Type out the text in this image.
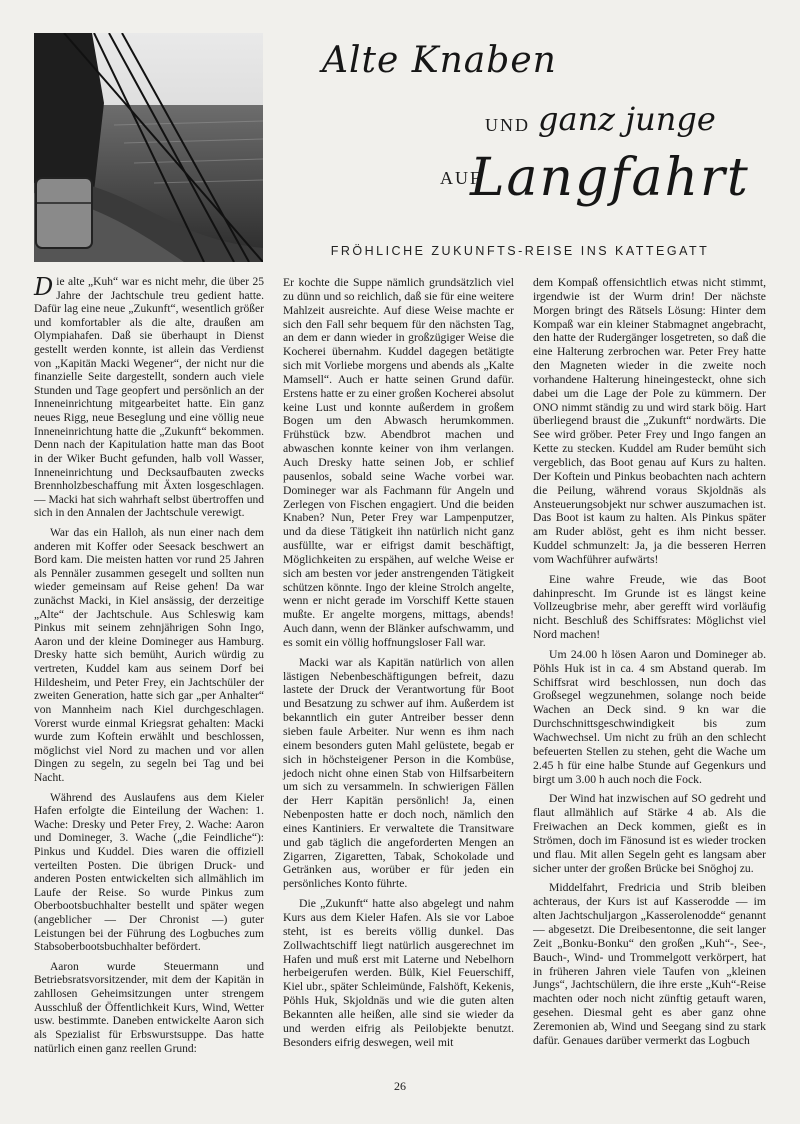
Alte Knaben
UND ganz junge
AUF
Langfahrt
FRÖHLICHE ZUKUNFTS-REISE INS KATTEGATT

Die alte „Kuh“ war es nicht mehr, die über 25 Jahre der Jachtschule treu gedient hatte. Dafür lag eine neue „Zukunft“, wesentlich größer und komfortabler als die alte, draußen am Olympiahafen. Daß sie überhaupt in Dienst gestellt werden konnte, ist allein das Verdienst von „Kapitän Macki Wegener“, der nicht nur die finanzielle Seite dargestellt, sondern auch viele Stunden und Tage geopfert und persönlich an der Inneneinrichtung mitgearbeitet hatte. Ein ganz neues Rigg, neue Beseglung und eine völlig neue Inneneinrichtung hatte die „Zukunft“ bekommen. Denn nach der Kapitulation hatte man das Boot in der Wiker Bucht gefunden, halb voll Wasser, Inneneinrichtung und Decksaufbauten zwecks Brennholzbeschaffung mit Äxten losgeschlagen. — Macki hat sich wahrhaft selbst übertroffen und sich in den Annalen der Jachtschule verewigt.

War das ein Halloh, als nun einer nach dem anderen mit Koffer oder Seesack beschwert an Bord kam. Die meisten hatten vor rund 25 Jahren als Pennäler zusammen gesegelt und sollten nun wieder gemeinsam auf Reise gehen! Da war zunächst Macki, in Kiel ansässig, der derzeitige „Alte“ der Jachtschule. Aus Schleswig kam Pinkus mit seinem zehnjährigen Sohn Ingo, Aaron und der kleine Domineger aus Hamburg. Dresky hatte sich bemüht, Aurich würdig zu vertreten, Kuddel kam aus seinem Dorf bei Hildesheim, und Peter Frey, ein Jachtschüler der zweiten Generation, hatte sich gar „per Anhalter“ von Mannheim nach Kiel durchgeschlagen. Vorerst wurde einmal Kriegsrat gehalten: Macki wurde zum Koftein erwählt und beschlossen, möglichst viel Nord zu machen und vor allen Dingen zu segeln, zu segeln bei Tag und bei Nacht.

Während des Auslaufens aus dem Kieler Hafen erfolgte die Einteilung der Wachen: 1. Wache: Dresky und Peter Frey, 2. Wache: Aaron und Domineger, 3. Wache („die Feindliche“): Pinkus und Kuddel. Dies waren die offiziell verteilten Posten. Die übrigen Druck- und anderen Posten entwickelten sich allmählich im Laufe der Reise. So wurde Pinkus zum Oberbootsbuchhalter bestellt und später wegen (angeblicher — Der Chronist —) guter Leistungen bei der Führung des Logbuches zum Stabsoberbootsbuchhalter befördert.

Aaron wurde Steuermann und Betriebsratsvorsitzender, mit dem der Kapitän in zahllosen Geheimsitzungen unter strengem Ausschluß der Öffentlichkeit Kurs, Wind, Wetter usw. bestimmte. Daneben entwickelte Aaron sich als Spezialist für Erbswurstsuppe. Das hatte natürlich einen ganz reellen Grund:

Er kochte die Suppe nämlich grundsätzlich viel zu dünn und so reichlich, daß sie für eine weitere Mahlzeit ausreichte. Auf diese Weise machte er sich den Fall sehr bequem für den nächsten Tag, an dem er dann wieder in großzügiger Weise die Kocherei übernahm. Kuddel dagegen betätigte sich mit Vorliebe morgens und abends als „Kalte Mamsell“. Auch er hatte seinen Grund dafür. Erstens hatte er zu einer großen Kocherei absolut keine Lust und konnte außerdem in großem Bogen um den Abwasch herumkommen. Frühstück bzw. Abendbrot machen und abwaschen konnte keiner von ihm verlangen. Auch Dresky hatte seinen Job, er schlief pausenlos, sobald seine Wache vorbei war. Domineger war als Fachmann für Angeln und Zerlegen von Fischen engagiert. Und die beiden Knaben? Nun, Peter Frey war Lampenputzer, und da diese Tätigkeit ihn natürlich nicht ganz ausfüllte, war er eifrigst damit beschäftigt, Möglichkeiten zu erspähen, auf welche Weise er sich am besten vor jeder anstrengenden Tätigkeit schützen könnte. Ingo der kleine Strolch angelte, wenn er nicht gerade im Vorschiff Kette stauen mußte. Er angelte morgens, mittags, abends! Auch dann, wenn der Blänker aufschwamm, und es somit ein völlig hoffnungsloser Fall war.

Macki war als Kapitän natürlich von allen lästigen Nebenbeschäftigungen befreit, dazu lastete der Druck der Verantwortung für Boot und Besatzung zu schwer auf ihm. Außerdem ist bekanntlich ein guter Antreiber besser denn sieben faule Arbeiter. Nur wenn es ihm nach einem besonders guten Mahl gelüstete, begab er sich in höchsteigener Person in die Kombüse, jedoch nicht ohne einen Stab von Hilfsarbeitern um sich zu versammeln. In schwierigen Fällen der Herr Kapitän persönlich! Ja, einen Nebenposten hatte er doch noch, nämlich den eines Kantiniers. Er verwaltete die Transitware und gab täglich die angeforderten Mengen an Zigarren, Zigaretten, Tabak, Schokolade und Getränken aus, worüber er für jeden ein persönliches Konto führte.

Die „Zukunft“ hatte also abgelegt und nahm Kurs aus dem Kieler Hafen. Als sie vor Laboe steht, ist es bereits völlig dunkel. Das Zollwachtschiff liegt natürlich ausgerechnet im Hafen und muß erst mit Laterne und Nebelhorn herbeigerufen werden. Bülk, Kiel Feuerschiff, Kiel ubr., später Schleimünde, Falshöft, Kekenis, Pöhls Huk, Skjoldnäs und wie die guten alten Bekannten alle heißen, alle sind sie wieder da und werden eifrig als Peilobjekte benutzt. Besonders eifrig deswegen, weil mit

dem Kompaß offensichtlich etwas nicht stimmt, irgendwie ist der Wurm drin! Der nächste Morgen bringt des Rätsels Lösung: Hinter dem Kompaß war ein kleiner Stabmagnet angebracht, den hatte der Rudergänger losgetreten, so daß die eine Halterung zerbrochen war. Peter Frey hatte den Magneten wieder in die zweite noch vorhandene Halterung hineingesteckt, ohne sich dabei um die Lage der Pole zu kümmern. Der ONO nimmt ständig zu und wird stark böig. Hart überliegend braust die „Zukunft“ nordwärts. Die See wird gröber. Peter Frey und Ingo fangen an Kette zu stecken. Kuddel am Ruder bemüht sich vergeblich, das Boot genau auf Kurs zu halten. Der Koftein und Pinkus beobachten nach achtern die Peilung, während voraus Skjoldnäs als Ansteuerungsobjekt nur schwer auszumachen ist. Das Boot ist kaum zu halten. Als Pinkus später am Ruder ablöst, geht es ihm nicht besser. Kuddel schmunzelt: Ja, ja die besseren Herren vom Wachführer aufwärts!

Eine wahre Freude, wie das Boot dahinprescht. Im Grunde ist es längst keine Vollzeugbrise mehr, aber gerefft wird vorläufig nicht. Beschluß des Schiffsrates: Möglichst viel Nord machen!

Um 24.00 h lösen Aaron und Domineger ab. Pöhls Huk ist in ca. 4 sm Abstand querab. Im Schiffsrat wird beschlossen, nun doch das Großsegel wegzunehmen, solange noch beide Wachen an Deck sind. 9 kn war die Durchschnittsgeschwindigkeit bis zum Wachwechsel. Um nicht zu früh an den schlecht befeuerten Stellen zu stehen, geht die Wache um 2.45 h für eine halbe Stunde auf Gegenkurs und birgt um 3.00 h auch noch die Fock.

Der Wind hat inzwischen auf SO gedreht und flaut allmählich auf Stärke 4 ab. Als die Freiwachen an Deck kommen, gießt es in Strömen, doch im Fänosund ist es wieder trocken und flau. Mit allen Segeln geht es langsam aber sicher unter der großen Brücke bei Snöghoj zu.

Middelfahrt, Fredricia und Strib bleiben achteraus, der Kurs ist auf Kasserodde — im alten Jachtschuljargon „Kasserolenodde“ genannt — abgesetzt. Die Dreibesentonne, die seit langer Zeit „Bonku-Bonku“ den großen „Kuh“-, See-, Bauch-, Wind- und Trommelgott verkörpert, hat in früheren Jahren viele Taufen von „kleinen Jungs“, Jachtschülern, die ihre erste „Kuh“-Reise machten oder noch nicht zünftig getauft waren, gesehen. Diesmal geht es aber ganz ohne Zeremonien ab, Wind und Seegang sind zu stark dafür. Genaues darüber vermerkt das Logbuch

26
